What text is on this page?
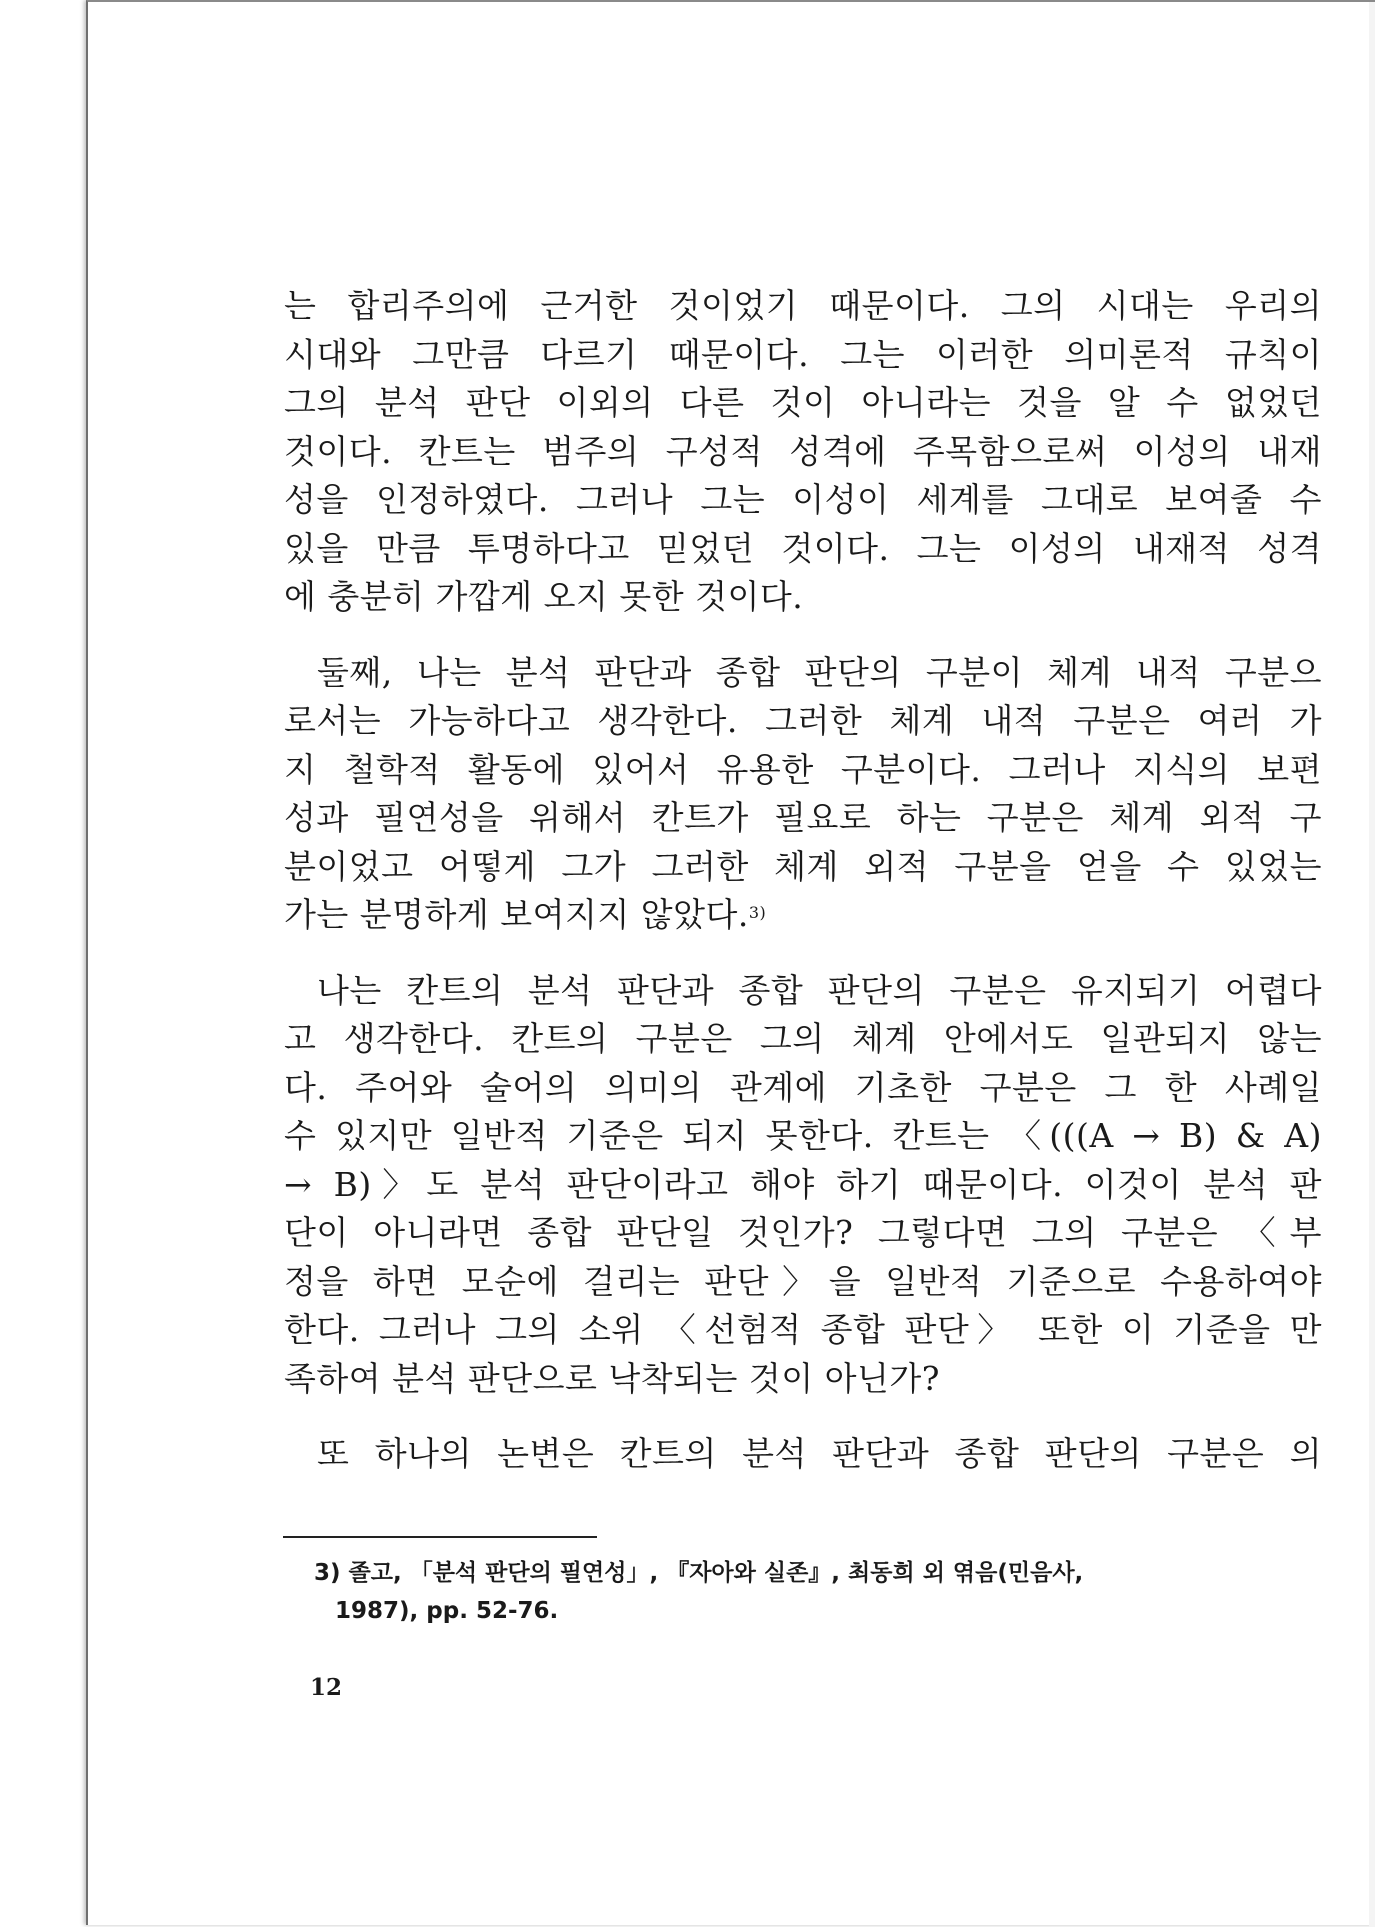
는 합리주의에 근거한 것이었기 때문이다. 그의 시대는 우리의
시대와 그만큼 다르기 때문이다. 그는 이러한 의미론적 규칙이
그의 분석 판단 이외의 다른 것이 아니라는 것을 알 수 없었던
것이다. 칸트는 범주의 구성적 성격에 주목함으로써 이성의 내재
성을 인정하였다. 그러나 그는 이성이 세계를 그대로 보여줄 수
있을 만큼 투명하다고 믿었던 것이다. 그는 이성의 내재적 성격
에 충분히 가깝게 오지 못한 것이다.
둘째, 나는 분석 판단과 종합 판단의 구분이 체계 내적 구분으
로서는 가능하다고 생각한다. 그러한 체계 내적 구분은 여러 가
지 철학적 활동에 있어서 유용한 구분이다. 그러나 지식의 보편
성과 필연성을 위해서 칸트가 필요로 하는 구분은 체계 외적 구
분이었고 어떻게 그가 그러한 체계 외적 구분을 얻을 수 있었는
가는 분명하게 보여지지 않았다.$^{3)}$
나는 칸트의 분석 판단과 종합 판단의 구분은 유지되기 어렵다
고 생각한다. 칸트의 구분은 그의 체계 안에서도 일관되지 않는
다. 주어와 술어의 의미의 관계에 기초한 구분은 그 한 사례일
수 있지만 일반적 기준은 되지 못한다. 칸트는 〈(((A → B) & A)
→ B)〉도 분석 판단이라고 해야 하기 때문이다. 이것이 분석 판
단이 아니라면 종합 판단일 것인가? 그렇다면 그의 구분은 〈부
정을 하면 모순에 걸리는 판단〉을 일반적 기준으로 수용하여야
한다. 그러나 그의 소위 〈선험적 종합 판단〉 또한 이 기준을 만
족하여 분석 판단으로 낙착되는 것이 아닌가?
또 하나의 논변은 칸트의 분석 판단과 종합 판단의 구분은 의
3) 졸고, 「분석 판단의 필연성」, 『자아와 실존』, 최동희 외 엮음(민음사,
1987), pp. 52-76.
12
